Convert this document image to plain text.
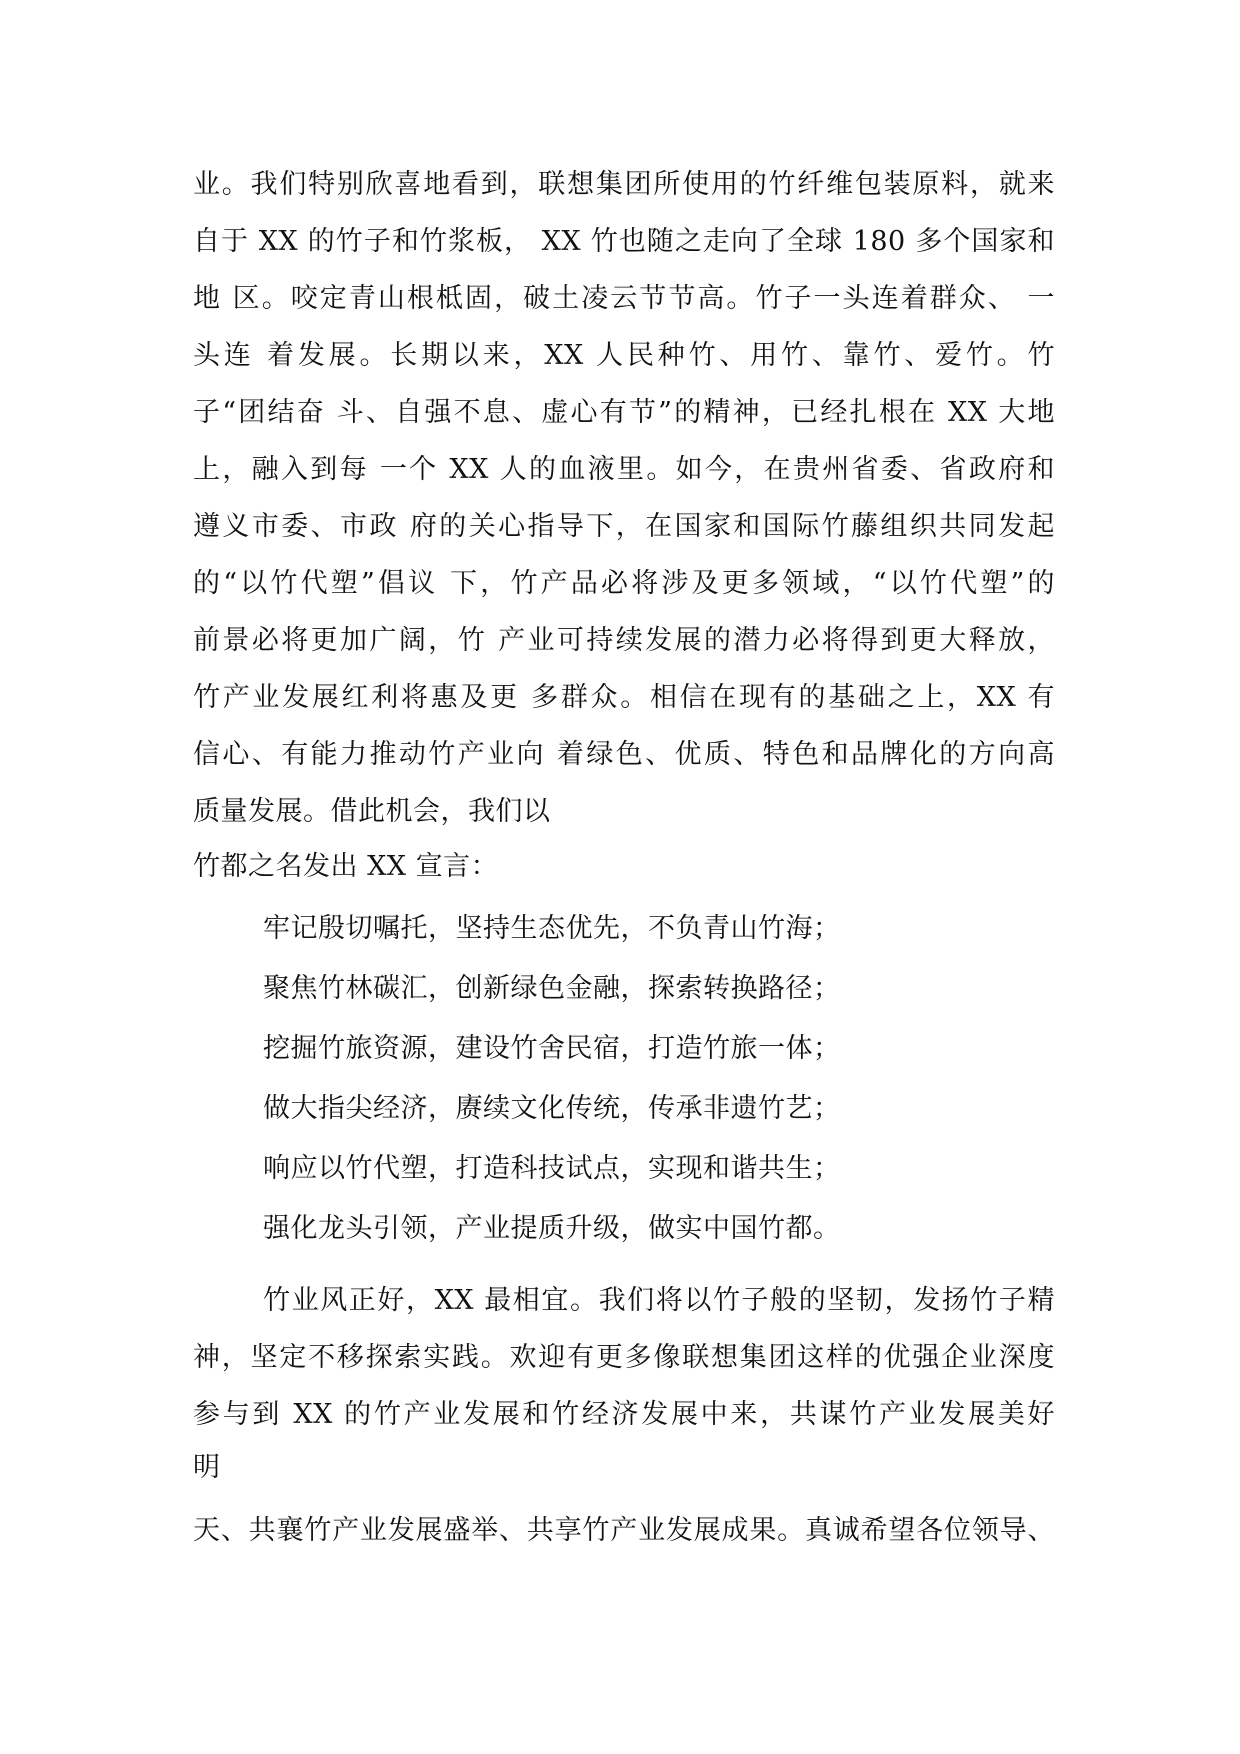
业。我们特别欣喜地看到，联想集团所使用的竹纤维包装原料，就来
自于 XX 的竹子和竹浆板， XX 竹也随之走向了全球 180 多个国家和
地 区。咬定青山根柢固，破土凌云节节高。竹子一头连着群众、 一
头连 着发展。长期以来，XX 人民种竹、用竹、靠竹、爱竹。竹
子“团结奋 斗、自强不息、虚心有节”的精神，已经扎根在 XX 大地
上，融入到每 一个 XX 人的血液里。如今，在贵州省委、省政府和
遵义市委、市政 府的关心指导下，在国家和国际竹藤组织共同发起
的“以竹代塑”倡议 下，竹产品必将涉及更多领域，“以竹代塑”的
前景必将更加广阔，竹 产业可持续发展的潜力必将得到更大释放，
竹产业发展红利将惠及更 多群众。相信在现有的基础之上，XX 有
信心、有能力推动竹产业向 着绿色、优质、特色和品牌化的方向高
质量发展。借此机会，我们以
竹都之名发出 XX 宣言：
牢记殷切嘱托，坚持生态优先，不负青山竹海；
聚焦竹林碳汇，创新绿色金融，探索转换路径；
挖掘竹旅资源，建设竹舍民宿，打造竹旅一体；
做大指尖经济，赓续文化传统，传承非遗竹艺；
响应以竹代塑，打造科技试点，实现和谐共生；
强化龙头引领，产业提质升级，做实中国竹都。
竹业风正好，XX 最相宜。我们将以竹子般的坚韧，发扬竹子精
神，坚定不移探索实践。欢迎有更多像联想集团这样的优强企业深度
参与到 XX 的竹产业发展和竹经济发展中来，共谋竹产业发展美好
明
天、共襄竹产业发展盛举、共享竹产业发展成果。真诚希望各位领导、
